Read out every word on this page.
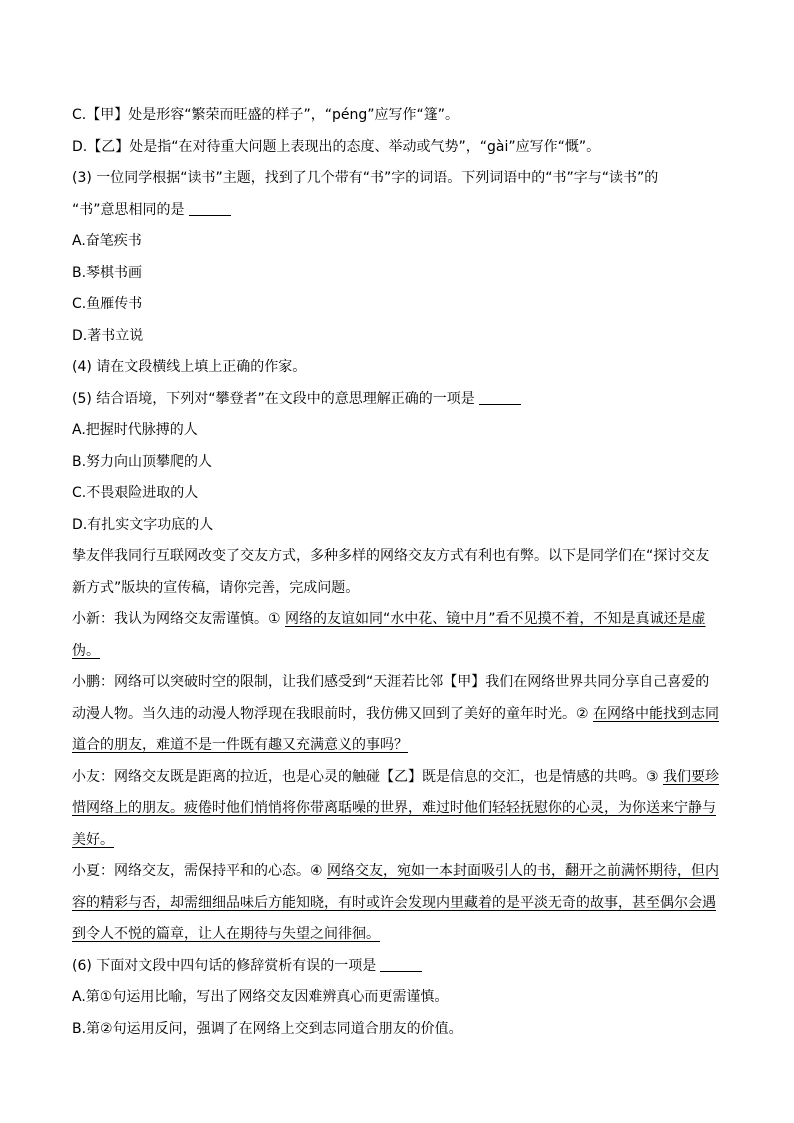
C.【甲】处是形容“繁荣而旺盛的样子”，“péng”应写作“篷”。
D.【乙】处是指“在对待重大问题上表现出的态度、举动或气势”，“gài”应写作“慨”。
(3) 一位同学根据“读书”主题，找到了几个带有“书”字的词语。下列词语中的“书”字与“读书”的
“书”意思相同的是
A.奋笔疾书
B.琴棋书画
C.鱼雁传书
D.著书立说
(4) 请在文段横线上填上正确的作家。
(5) 结合语境，下列对“攀登者”在文段中的意思理解正确的一项是
A.把握时代脉搏的人
B.努力向山顶攀爬的人
C.不畏艰险进取的人
D.有扎实文字功底的人
挚友伴我同行互联网改变了交友方式，多种多样的网络交友方式有利也有弊。以下是同学们在“探讨交友新方式”版块的宣传稿，请你完善，完成问题。
小新：我认为网络交友需谨慎。① 网络的友谊如同“水中花、镜中月”看不见摸不着，不知是真诚还是虚伪。
小鹏：网络可以突破时空的限制，让我们感受到“天涯若比邻【甲】我们在网络世界共同分享自己喜爱的动漫人物。当久违的动漫人物浮现在我眼前时，我仿佛又回到了美好的童年时光。② 在网络中能找到志同道合的朋友，难道不是一件既有趣又充满意义的事吗？
小友：网络交友既是距离的拉近，也是心灵的触碰【乙】既是信息的交汇，也是情感的共鸣。③ 我们要珍惜网络上的朋友。疲倦时他们悄悄将你带离聒噪的世界，难过时他们轻轻抚慰你的心灵，为你送来宁静与美好。
小夏：网络交友，需保持平和的心态。④ 网络交友，宛如一本封面吸引人的书，翻开之前满怀期待，但内容的精彩与否，却需细细品味后方能知晓，有时或许会发现内里藏着的是平淡无奇的故事，甚至偶尔会遇到令人不悦的篇章，让人在期待与失望之间徘徊。
(6) 下面对文段中四句话的修辞赏析有误的一项是
A.第①句运用比喻，写出了网络交友因难辨真心而更需谨慎。
B.第②句运用反问，强调了在网络上交到志同道合朋友的价值。
